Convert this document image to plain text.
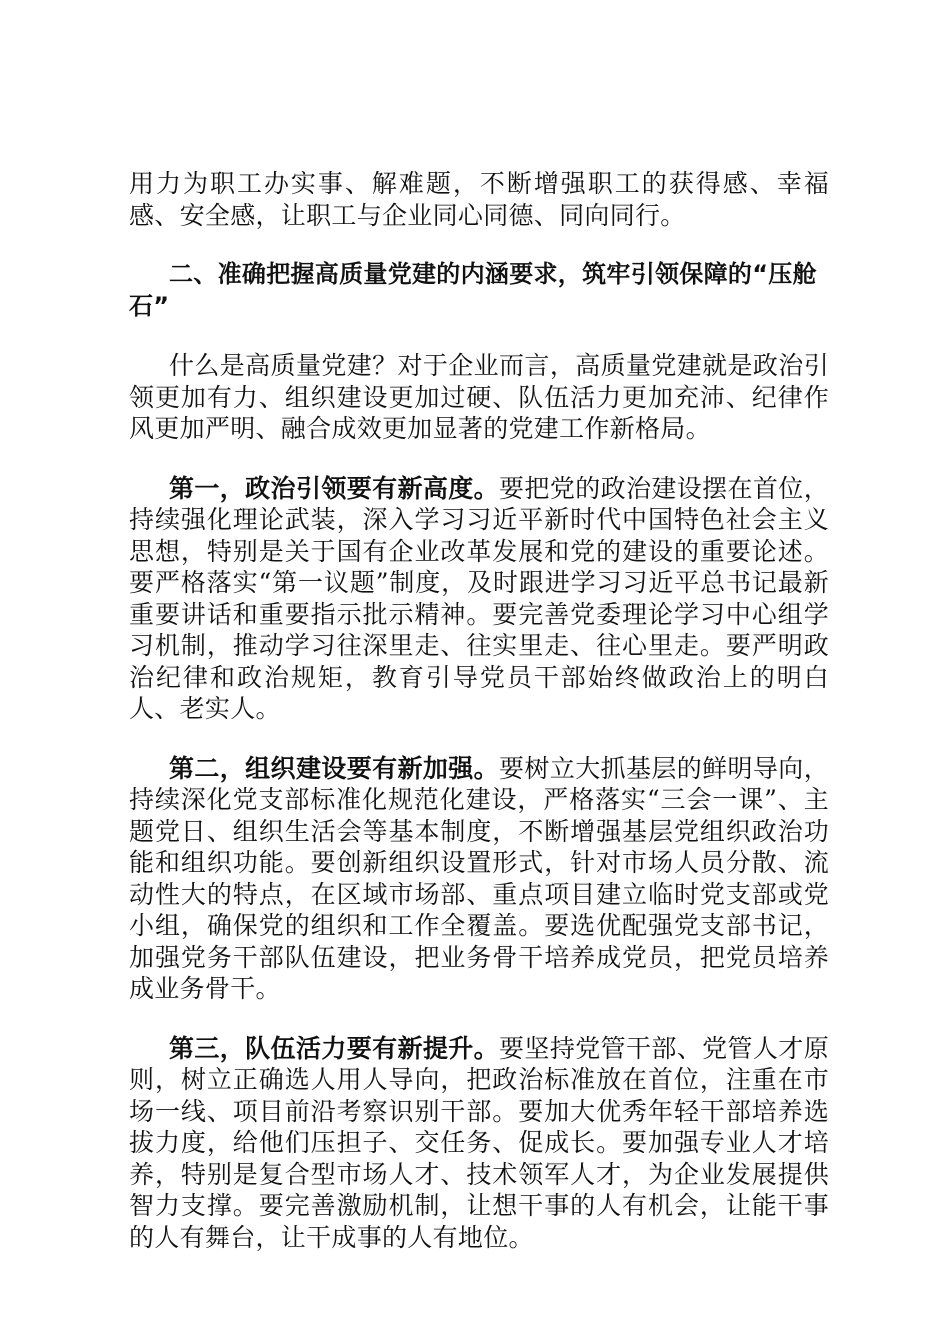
用力为职工办实事、解难题，不断增强职工的获得感、幸福感、安全感，让职工与企业同心同德、同向同行。

二、准确把握高质量党建的内涵要求，筑牢引领保障的“压舱石”

什么是高质量党建？对于企业而言，高质量党建就是政治引领更加有力、组织建设更加过硬、队伍活力更加充沛、纪律作风更加严明、融合成效更加显著的党建工作新格局。

第一，政治引领要有新高度。要把党的政治建设摆在首位，持续强化理论武装，深入学习习近平新时代中国特色社会主义思想，特别是关于国有企业改革发展和党的建设的重要论述。要严格落实“第一议题”制度，及时跟进学习习近平总书记最新重要讲话和重要指示批示精神。要完善党委理论学习中心组学习机制，推动学习往深里走、往实里走、往心里走。要严明政治纪律和政治规矩，教育引导党员干部始终做政治上的明白人、老实人。

第二，组织建设要有新加强。要树立大抓基层的鲜明导向，持续深化党支部标准化规范化建设，严格落实“三会一课”、主题党日、组织生活会等基本制度，不断增强基层党组织政治功能和组织功能。要创新组织设置形式，针对市场人员分散、流动性大的特点，在区域市场部、重点项目建立临时党支部或党小组，确保党的组织和工作全覆盖。要选优配强党支部书记，加强党务干部队伍建设，把业务骨干培养成党员，把党员培养成业务骨干。

第三，队伍活力要有新提升。要坚持党管干部、党管人才原则，树立正确选人用人导向，把政治标准放在首位，注重在市场一线、项目前沿考察识别干部。要加大优秀年轻干部培养选拔力度，给他们压担子、交任务、促成长。要加强专业人才培养，特别是复合型市场人才、技术领军人才，为企业发展提供智力支撑。要完善激励机制，让想干事的人有机会，让能干事的人有舞台，让干成事的人有地位。
